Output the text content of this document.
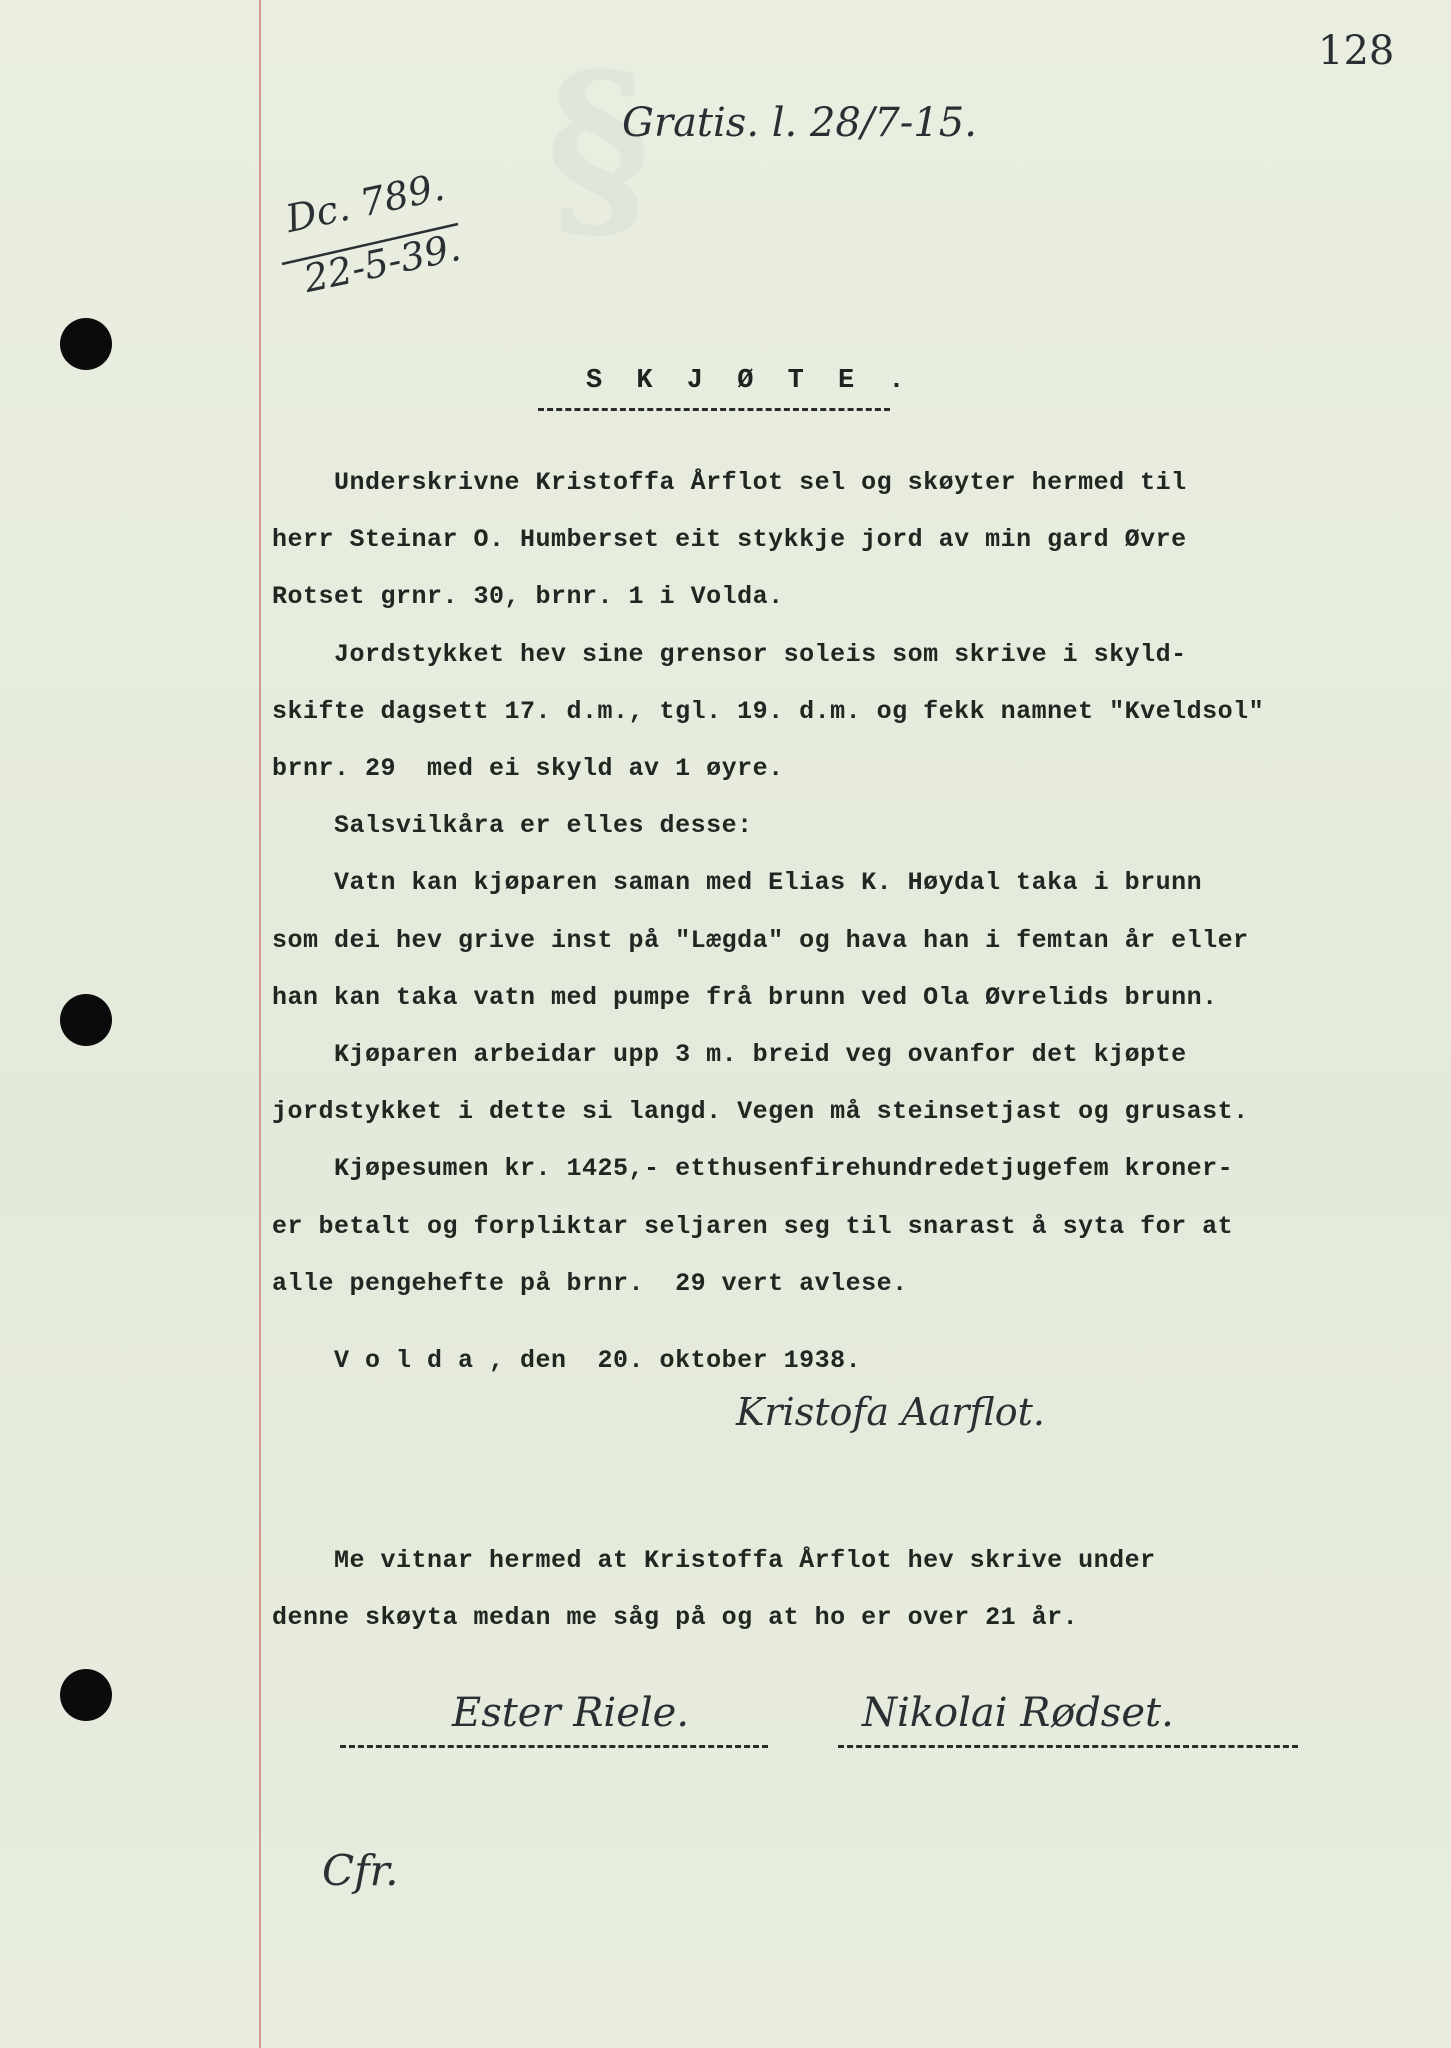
§	128
Gratis. l. 28/7-15.
Dc. 789.
22-5-39.
S K J Ø T E .
Underskrivne Kristoffa Årflot sel og skøyter hermed til
herr Steinar O. Humberset eit stykkje jord av min gard Øvre
Rotset grnr. 30, brnr. 1 i Volda.
Jordstykket hev sine grensor soleis som skrive i skyld-
skifte dagsett 17. d.m., tgl. 19. d.m. og fekk namnet "Kveldsol"
brnr. 29  med ei skyld av 1 øyre.
Salsvilkåra er elles desse:
Vatn kan kjøparen saman med Elias K. Høydal taka i brunn
som dei hev grive inst på "Lægda" og hava han i femtan år eller
han kan taka vatn med pumpe frå brunn ved Ola Øvrelids brunn.
Kjøparen arbeidar upp 3 m. breid veg ovanfor det kjøpte
jordstykket i dette si langd. Vegen må steinsetjast og grusast.
Kjøpesumen kr. 1425,- etthusenfirehundredetjugefem kroner-
er betalt og forpliktar seljaren seg til snarast å syta for at
alle pengehefte på brnr.  29 vert avlese.
V o l d a , den  20. oktober 1938.
Kristofa Aarflot.
Me vitnar hermed at Kristoffa Årflot hev skrive under
denne skøyta medan me såg på og at ho er over 21 år.
Ester Riele.	Nikolai Rødset.
Cfr.
